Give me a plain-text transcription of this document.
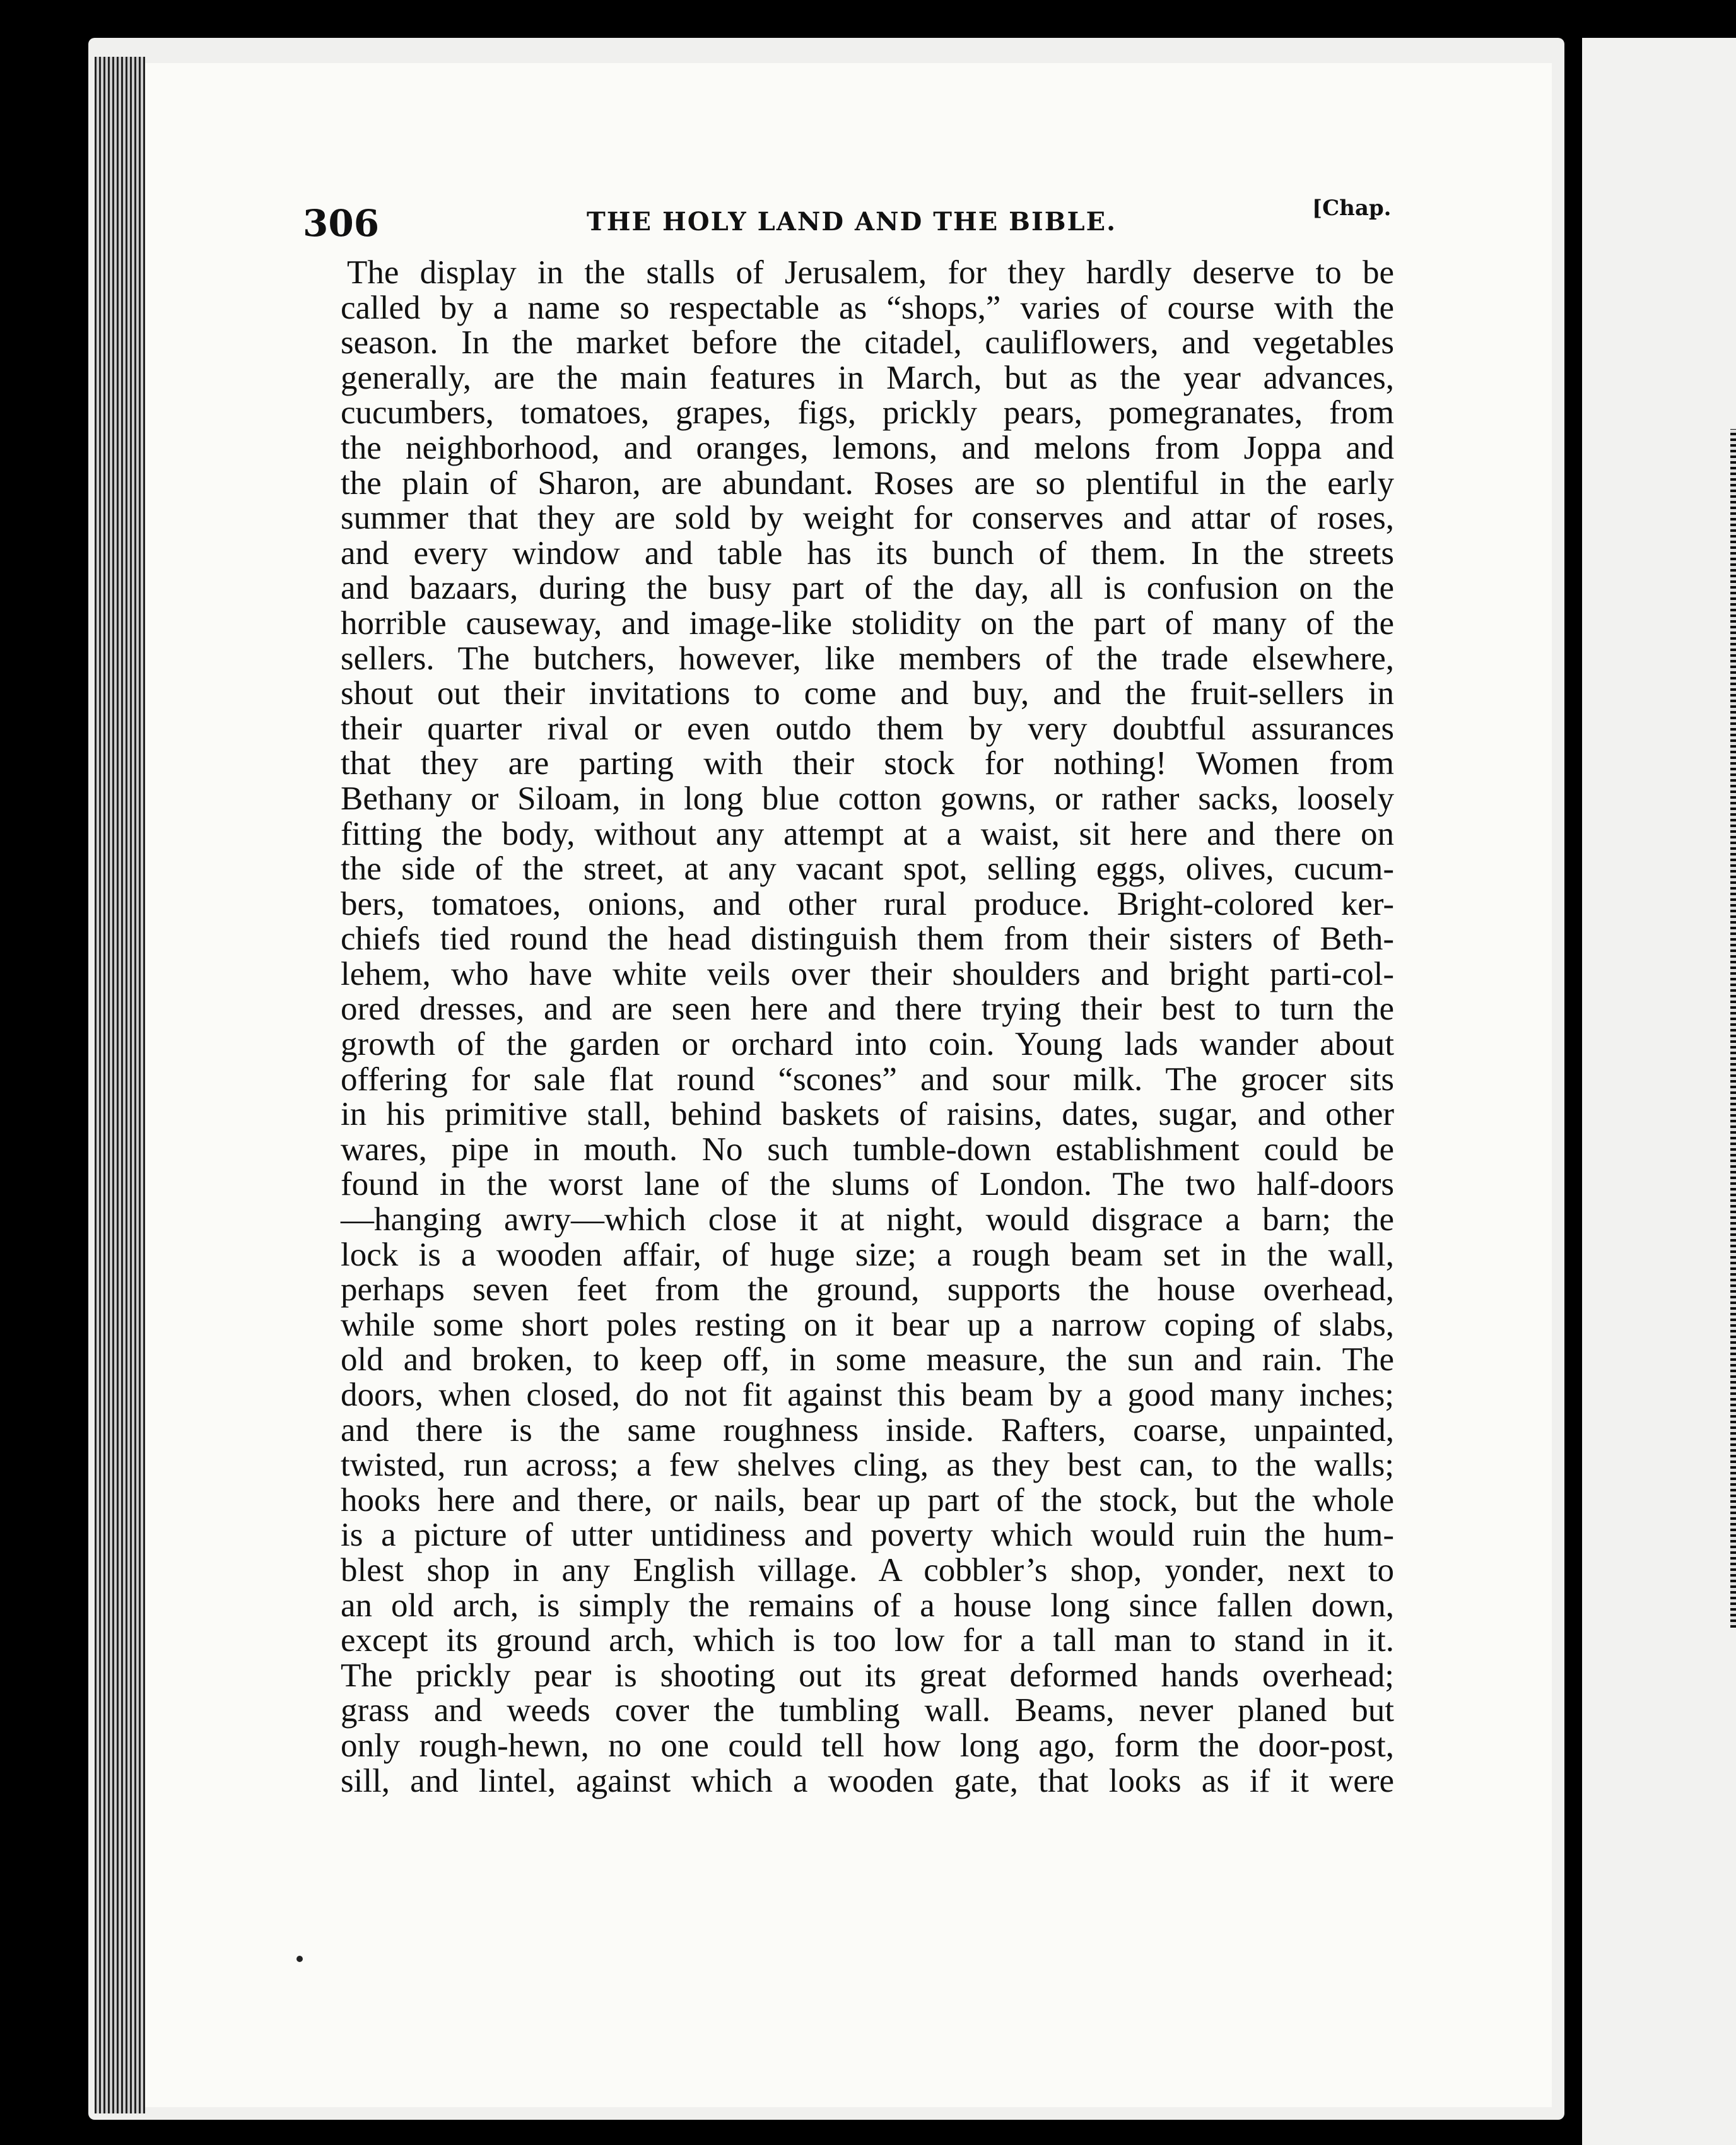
306	THE HOLY LAND AND THE BIBLE.	[Chap.
The display in the stalls of Jerusalem, for they hardly deserve to be
called by a name so respectable as “shops,” varies of course with the
season. In the market before the citadel, cauliflowers, and vegetables
generally, are the main features in March, but as the year advances,
cucumbers, tomatoes, grapes, figs, prickly pears, pomegranates, from
the neighborhood, and oranges, lemons, and melons from Joppa and
the plain of Sharon, are abundant. Roses are so plentiful in the early
summer that they are sold by weight for conserves and attar of roses,
and every window and table has its bunch of them. In the streets
and bazaars, during the busy part of the day, all is confusion on the
horrible causeway, and image-like stolidity on the part of many of the
sellers. The butchers, however, like members of the trade elsewhere,
shout out their invitations to come and buy, and the fruit-sellers in
their quarter rival or even outdo them by very doubtful assurances
that they are parting with their stock for nothing! Women from
Bethany or Siloam, in long blue cotton gowns, or rather sacks, loosely
fitting the body, without any attempt at a waist, sit here and there on
the side of the street, at any vacant spot, selling eggs, olives, cucum-
bers, tomatoes, onions, and other rural produce. Bright-colored ker-
chiefs tied round the head distinguish them from their sisters of Beth-
lehem, who have white veils over their shoulders and bright parti-col-
ored dresses, and are seen here and there trying their best to turn the
growth of the garden or orchard into coin. Young lads wander about
offering for sale flat round “scones” and sour milk. The grocer sits
in his primitive stall, behind baskets of raisins, dates, sugar, and other
wares, pipe in mouth. No such tumble-down establishment could be
found in the worst lane of the slums of London. The two half-doors
—hanging awry—which close it at night, would disgrace a barn; the
lock is a wooden affair, of huge size; a rough beam set in the wall,
perhaps seven feet from the ground, supports the house overhead,
while some short poles resting on it bear up a narrow coping of slabs,
old and broken, to keep off, in some measure, the sun and rain. The
doors, when closed, do not fit against this beam by a good many inches;
and there is the same roughness inside. Rafters, coarse, unpainted,
twisted, run across; a few shelves cling, as they best can, to the walls;
hooks here and there, or nails, bear up part of the stock, but the whole
is a picture of utter untidiness and poverty which would ruin the hum-
blest shop in any English village. A cobbler’s shop, yonder, next to
an old arch, is simply the remains of a house long since fallen down,
except its ground arch, which is too low for a tall man to stand in it.
The prickly pear is shooting out its great deformed hands overhead;
grass and weeds cover the tumbling wall. Beams, never planed but
only rough-hewn, no one could tell how long ago, form the door-post,
sill, and lintel, against which a wooden gate, that looks as if it were
